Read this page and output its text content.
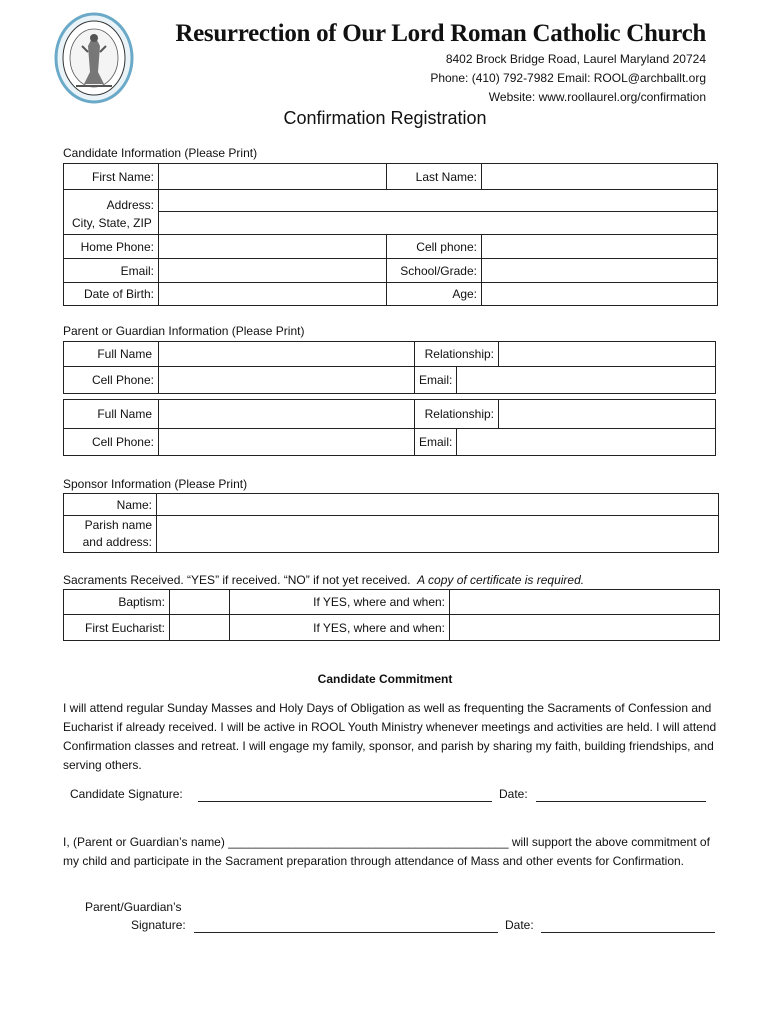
Resurrection of Our Lord Roman Catholic Church
8402 Brock Bridge Road, Laurel Maryland 20724
Phone: (410) 792-7982 Email: ROOL@archballt.org
Website: www.roollaurel.org/confirmation
Confirmation Registration
Candidate Information (Please Print)
First Name:		Last Name:	
Address:			
City, State, ZIP			
Home Phone:		Cell phone:	
Email:		School/Grade:	
Date of Birth:		Age:	
Parent or Guardian Information (Please Print)
Full Name		Relationship:		
Cell Phone:		Email:		
Full Name		Relationship:		
Cell Phone:		Email:		
Sponsor Information (Please Print)
Name:	

Parish name
and address:	

Sacraments Received. “YES” if received. “NO” if not yet received. A copy of certificate is required.
Baptism:		If YES, where and when:	
First Eucharist:		If YES, where and when:	
Candidate Commitment
I will attend regular Sunday Masses and Holy Days of Obligation as well as frequenting the Sacraments of Confession and Eucharist if already received. I will be active in ROOL Youth Ministry whenever meetings and activities are held. I will attend Confirmation classes and retreat. I will engage my family, sponsor, and parish by sharing my faith, building friendships, and serving others.
Candidate Signature:	Date:
I, (Parent or Guardian’s name) __________________________________________ will support the above commitment of my child and participate in the Sacrament preparation through attendance of Mass and other events for Confirmation.
Parent/Guardian’s
Signature:	Date:
